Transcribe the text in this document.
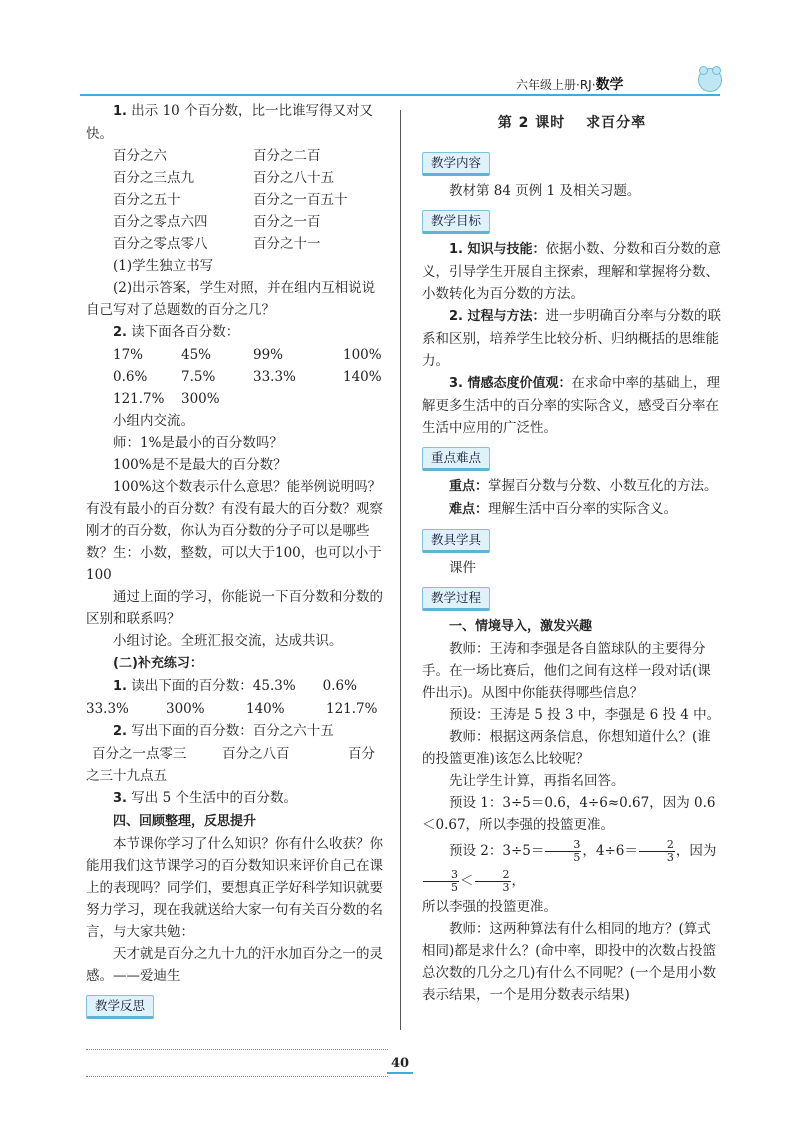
六年级上册·RJ·数学

1. 出示 10 个百分数，比一比谁写得又对又快。

百分之六	百分之二百
百分之三点九	百分之八十五
百分之五十	百分之一百五十
百分之零点六四	百分之一百
百分之零点零八	百分之十一

(1)学生独立书写

(2)出示答案，学生对照，并在组内互相说说自己写对了总题数的百分之几？

2. 读下面各百分数：

17%	45%	99%	100%
0.6%	7.5%	33.3%	140%
121.7%	300%

小组内交流。

师：1%是最小的百分数吗？

100%是不是最大的百分数？

100%这个数表示什么意思？能举例说明吗？有没有最小的百分数？有没有最大的百分数？观察刚才的百分数，你认为百分数的分子可以是哪些数？生：小数，整数，可以大于100，也可以小于 100

通过上面的学习，你能说一下百分数和分数的区别和联系吗？

小组讨论。全班汇报交流，达成共识。

(二)补充练习：

1. 读出下面的百分数：45.3%　　0.6%

33.3%	300%	140%	121.7%

2. 写出下面的百分数：百分之六十五

百分之一点零三	百分之八百	百分

之三十九点五

3. 写出 5 个生活中的百分数。

四、回顾整理，反思提升

本节课你学习了什么知识？你有什么收获？你能用我们这节课学习的百分数知识来评价自己在课上的表现吗？同学们，要想真正学好科学知识就要努力学习，现在我就送给大家一句有关百分数的名言，与大家共勉：

天才就是百分之九十九的汗水加百分之一的灵感。——爱迪生

教学反思
第 2 课时　 求百分率
教学内容

教材第 84 页例 1 及相关习题。

教学目标

1. 知识与技能：依据小数、分数和百分数的意义，引导学生开展自主探索，理解和掌握将分数、小数转化为百分数的方法。

2. 过程与方法：进一步明确百分率与分数的联系和区别，培养学生比较分析、归纳概括的思维能力。

3. 情感态度价值观：在求命中率的基础上，理解更多生活中的百分率的实际含义，感受百分率在生活中应用的广泛性。

重点难点

重点：掌握百分数与分数、小数互化的方法。

难点：理解生活中百分率的实际含义。

教具学具

课件

教学过程

一、情境导入，激发兴趣

教师：王涛和李强是各自篮球队的主要得分手。在一场比赛后，他们之间有这样一段对话(课件出示)。从图中你能获得哪些信息？

预设：王涛是 5 投 3 中，李强是 6 投 4 中。

教师：根据这两条信息，你想知道什么？(谁的投篮更准)该怎么比较呢？

先让学生计算，再指名回答。

预设 1：3÷5＝0.6，4÷6≈0.67，因为 0.6＜0.67，所以李强的投篮更准。

预设 2：$3\div 5= \frac{3}{5}$ ，$4\div 6= \frac{2}{3}$ ，因为
$\frac{3}{5} < \frac{2}{3}$ ，

所以李强的投篮更准。

教师：这两种算法有什么相同的地方？(算式相同)都是求什么？(命中率，即投中的次数占投篮总次数的几分之几)有什么不同呢？(一个是用小数表示结果，一个是用分数表示结果)

40
